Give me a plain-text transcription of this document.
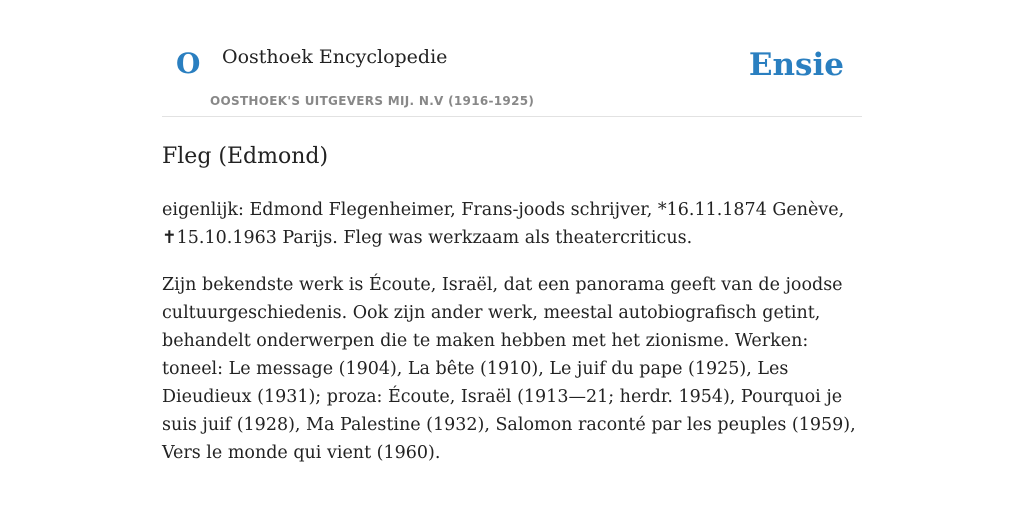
O Oosthoek Encyclopedie
OOSTHOEK'S UITGEVERS MIJ. N.V (1916-1925)
Ensie
Fleg (Edmond)

eigenlijk: Edmond Flegenheimer, Frans-joods schrijver, *16.11.1874 Genève, ✝15.10.1963 Parijs. Fleg was werkzaam als theatercriticus.

Zijn bekendste werk is Écoute, Israël, dat een panorama geeft van de joodse cultuurgeschiedenis. Ook zijn ander werk, meestal autobiografisch getint, behandelt onderwerpen die te maken hebben met het zionisme. Werken: toneel: Le message (1904), La bête (1910), Le juif du pape (1925), Les Dieudieux (1931); proza: Écoute, Israël (1913—21; herdr. 1954), Pourquoi je suis juif (1928), Ma Palestine (1932), Salomon raconté par les peuples (1959), Vers le monde qui vient (1960).
